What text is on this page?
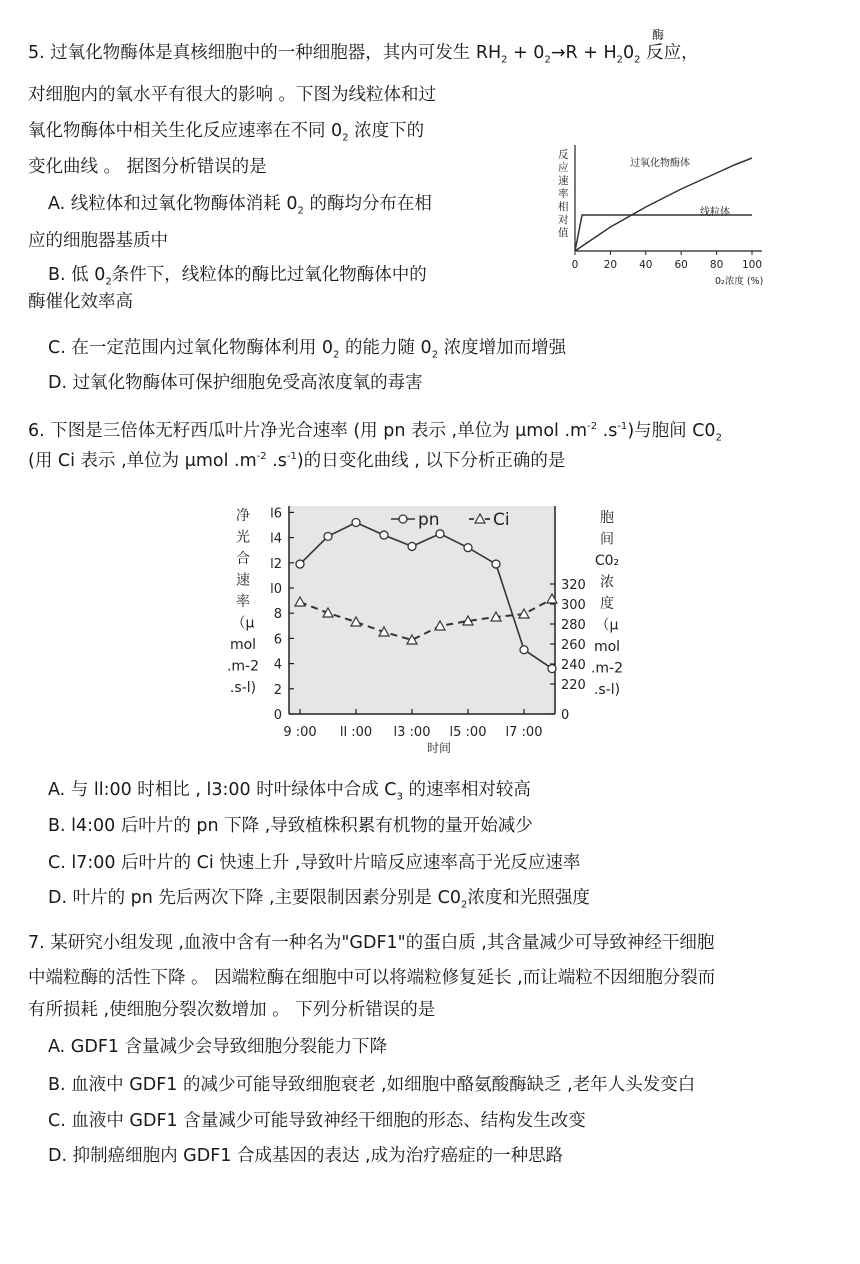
5. 过氧化物酶体是真核细胞中的一种细胞器，其内可发生 $RH_2 + 0_2\to R + H_20_2$ 反应，
酶
对细胞内的氧水平有很大的影响 。下图为线粒体和过
氧化物酶体中相关生化反应速率在不同 $0_2$ 浓度下的
变化曲线 。 据图分析错误的是
A. 线粒体和过氧化物酶体消耗 $0_2$ 的酶均分布在相
应的细胞器基质中
B. 低 $0_2$条件下，线粒体的酶比过氧化物酶体中的
酶催化效率高
C. 在一定范围内过氧化物酶体利用 $0_2$ 的能力随 $0_2$ 浓度增加而增强
D. 过氧化物酶体可保护细胞免受高浓度氧的毒害
反
应
速
率
相
对
值
0 20 40 60 80 100
过氧化物酶体
线粒体
0₂浓度 (%)
6. 下图是三倍体无籽西瓜叶片净光合速率 (用 pn 表示 ,单位为 μmol $.m^{-2}$ $.s^{-1}$)与胞间 $C0_2$
(用 Ci 表示 ,单位为 μmol $.m^{-2}$ $.s^{-1}$)的日变化曲线 , 以下分析正确的是
净
光
合
速
率
（μ
mol
.m-2
.s-l)
胞
间
C0₂
浓
度
（μ
mol
.m-2
.s-l)
0
2
4
6
8
l0
l2
l4
l6
0
220
240
260
280
300
320
9 :00 ll :00 l3 :00 l5 :00 l7 :00
pn	Ci
时间
A. 与 ll:00 时相比 , l3:00 时叶绿体中合成 $C_3$ 的速率相对较高
B. l4:00 后叶片的 pn 下降 ,导致植株积累有机物的量开始减少
C. l7:00 后叶片的 Ci 快速上升 ,导致叶片暗反应速率高于光反应速率
D. 叶片的 pn 先后两次下降 ,主要限制因素分别是 $C0_2$浓度和光照强度
7. 某研究小组发现 ,血液中含有一种名为"GDF1"的蛋白质 ,其含量减少可导致神经干细胞
中端粒酶的活性下降 。 因端粒酶在细胞中可以将端粒修复延长 ,而让端粒不因细胞分裂而
有所损耗 ,使细胞分裂次数增加 。 下列分析错误的是
A. GDF1 含量减少会导致细胞分裂能力下降
B. 血液中 GDF1 的减少可能导致细胞衰老 ,如细胞中酪氨酸酶缺乏 ,老年人头发变白
C. 血液中 GDF1 含量减少可能导致神经干细胞的形态、结构发生改变
D. 抑制癌细胞内 GDF1 合成基因的表达 ,成为治疗癌症的一种思路
